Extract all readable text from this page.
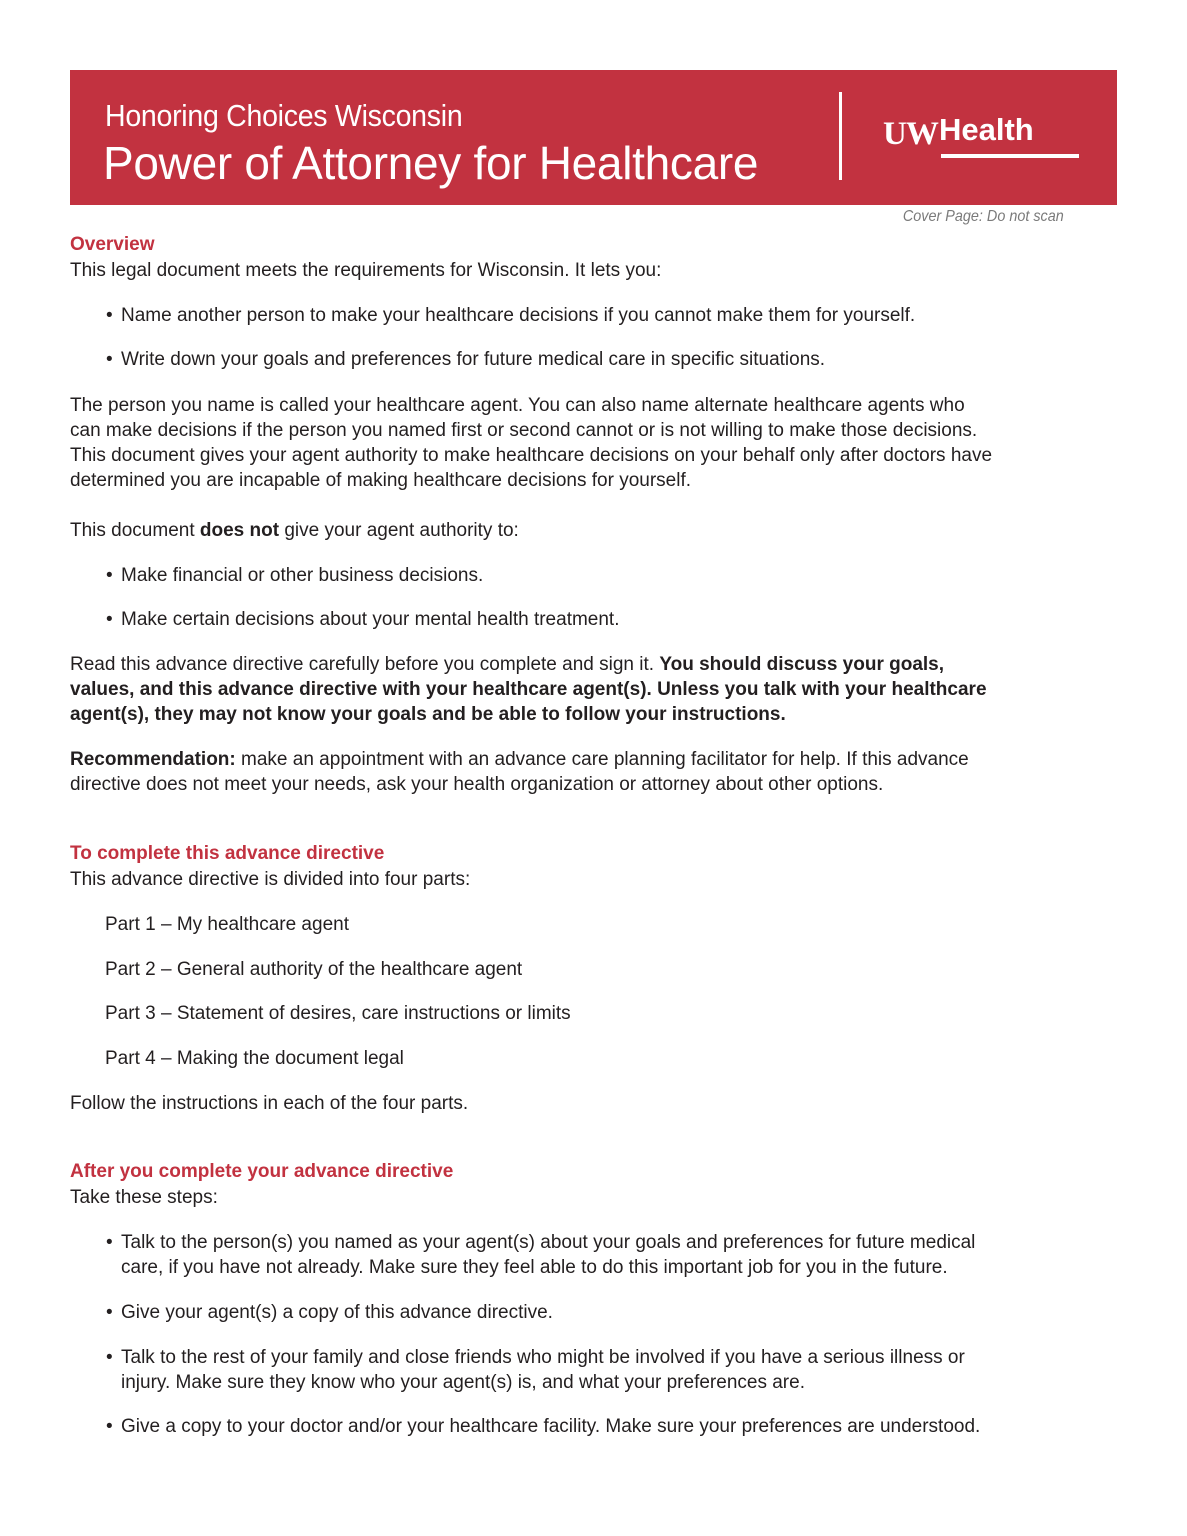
Honoring Choices Wisconsin
Power of Attorney for Healthcare
UW Health
Cover Page: Do not scan
Overview
This legal document meets the requirements for Wisconsin. It lets you:
• Name another person to make your healthcare decisions if you cannot make them for yourself.
• Write down your goals and preferences for future medical care in specific situations.
The person you name is called your healthcare agent. You can also name alternate healthcare agents who
can make decisions if the person you named first or second cannot or is not willing to make those decisions.
This document gives your agent authority to make healthcare decisions on your behalf only after doctors have
determined you are incapable of making healthcare decisions for yourself.
This document does not give your agent authority to:
• Make financial or other business decisions.
• Make certain decisions about your mental health treatment.
Read this advance directive carefully before you complete and sign it. You should discuss your goals,
values, and this advance directive with your healthcare agent(s). Unless you talk with your healthcare
agent(s), they may not know your goals and be able to follow your instructions.
Recommendation: make an appointment with an advance care planning facilitator for help. If this advance
directive does not meet your needs, ask your health organization or attorney about other options.
To complete this advance directive
This advance directive is divided into four parts:
Part 1 – My healthcare agent
Part 2 – General authority of the healthcare agent
Part 3 – Statement of desires, care instructions or limits
Part 4 – Making the document legal
Follow the instructions in each of the four parts.
After you complete your advance directive
Take these steps:
• Talk to the person(s) you named as your agent(s) about your goals and preferences for future medical
care, if you have not already. Make sure they feel able to do this important job for you in the future.
• Give your agent(s) a copy of this advance directive.
• Talk to the rest of your family and close friends who might be involved if you have a serious illness or
injury. Make sure they know who your agent(s) is, and what your preferences are.
• Give a copy to your doctor and/or your healthcare facility. Make sure your preferences are understood.
